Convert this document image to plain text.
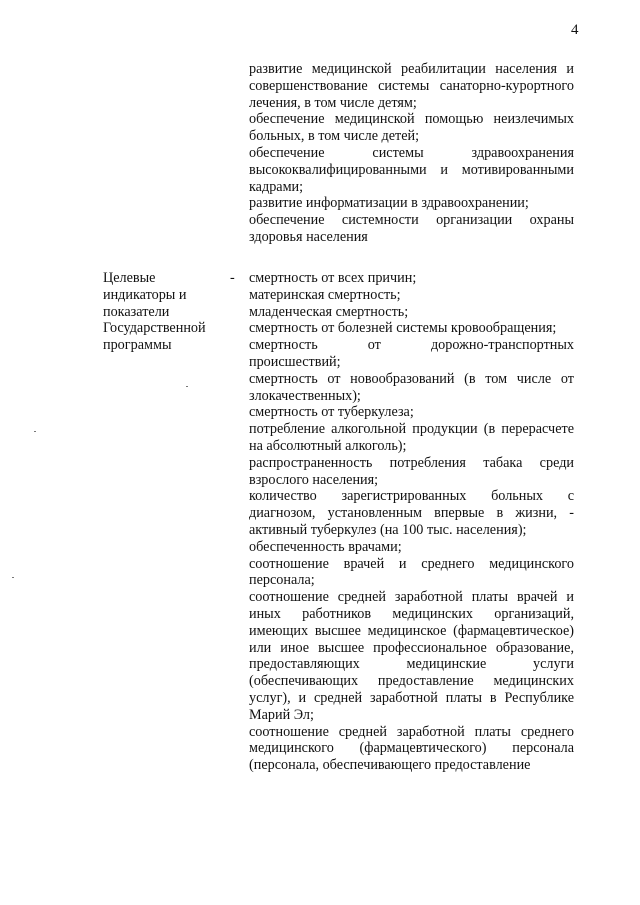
4

развитие медицинской реабилитации населения и совершенствование системы санаторно-курортного лечения, в том числе детям;

обеспечение медицинской помощью неизлечимых больных, в том числе детей;

обеспечение системы здравоохранения высококвалифицированными и мотивированными кадрами;

развитие информатизации в здравоохранении;

обеспечение системности организации охраны здоровья населения

Целевые индикаторы и показатели Государственной программы
- смертность от всех причин;

материнская смертность;

младенческая смертность;

смертность от болезней системы кровообращения;

смертность от дорожно-транспортных происшествий;

смертность от новообразований (в том числе от злокачественных);

смертность от туберкулеза;

потребление алкогольной продукции (в перерасчете на абсолютный алкоголь);

распространенность потребления табака среди взрослого населения;

количество зарегистрированных больных с диагнозом, установленным впервые в жизни, - активный туберкулез (на 100 тыс. населения);

обеспеченность врачами;

соотношение врачей и среднего медицинского персонала;

соотношение средней заработной платы врачей и иных работников медицинских организаций, имеющих высшее медицинское (фармацевтическое) или иное высшее профессиональное образование, предоставляющих медицинские услуги (обеспечивающих предоставление медицинских услуг), и средней заработной платы в Республике Марий Эл;

соотношение средней заработной платы среднего медицинского (фармацевтического) персонала (персонала, обеспечивающего предоставление
